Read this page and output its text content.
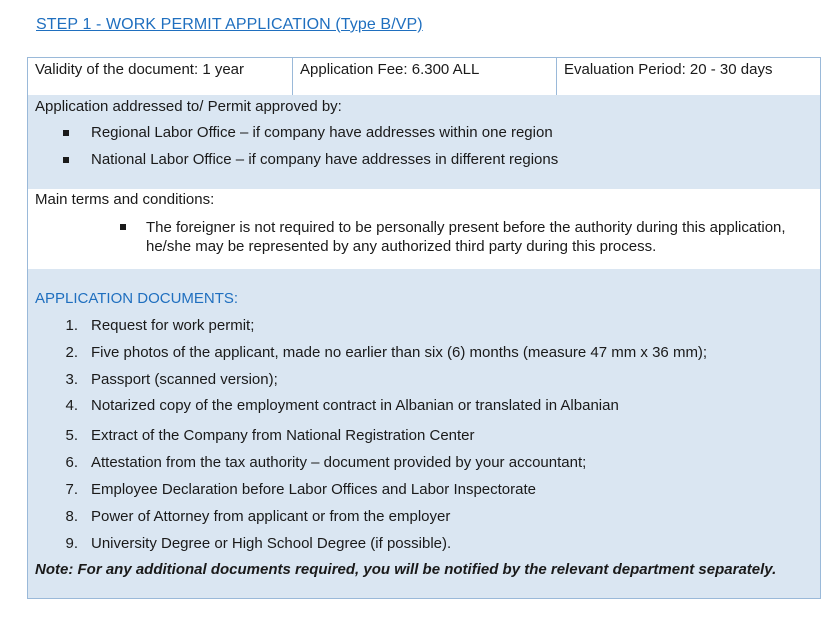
STEP 1 - WORK PERMIT APPLICATION (Type B/VP)
Validity of the document: 1 year	Application Fee: 6.300 ALL	Evaluation Period: 20 - 30 days
Application addressed to/ Permit approved by:
Regional Labor Office – if company have addresses within one region
National Labor Office – if company have addresses in different regions
Main terms and conditions:
The foreigner is not required to be personally present before the authority during this application, he/she may be represented by any authorized third party during this process.
APPLICATION DOCUMENTS:
1. Request for work permit;
2. Five photos of the applicant, made no earlier than six (6) months (measure 47 mm x 36 mm);
3. Passport (scanned version);
4. Notarized copy of the employment contract in Albanian or translated in Albanian
5. Extract of the Company from National Registration Center
6. Attestation from the tax authority – document provided by your accountant;
7. Employee Declaration before Labor Offices and Labor Inspectorate
8. Power of Attorney from applicant or from the employer
9. University Degree or High School Degree (if possible).
Note: For any additional documents required, you will be notified by the relevant department separately.
